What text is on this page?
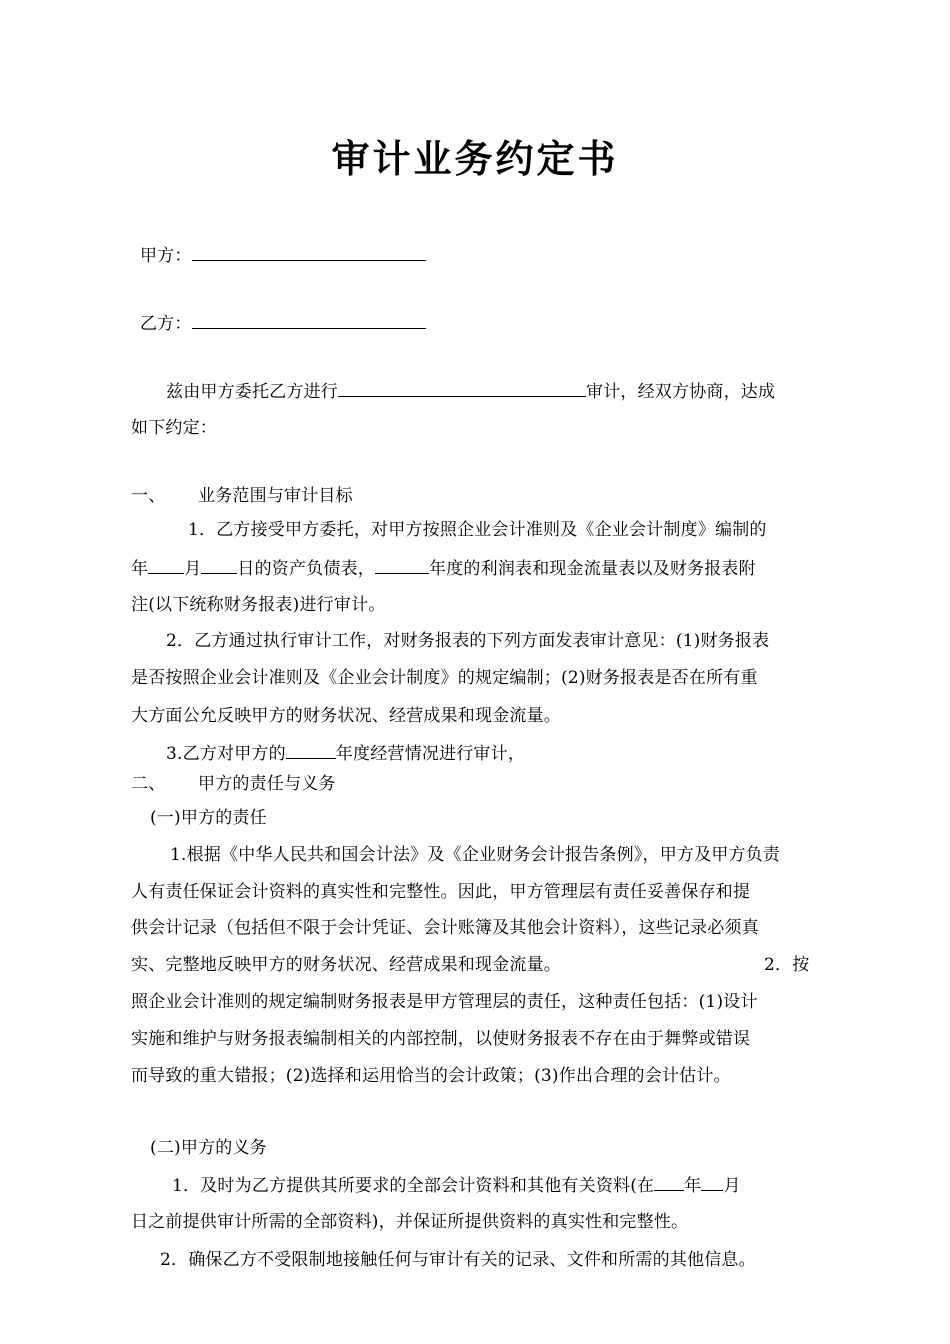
审计业务约定书
甲方：
乙方：
兹由甲方委托乙方进行	审计，经双方协商，达成
如下约定：
一、 业务范围与审计目标
1．乙方接受甲方委托，对甲方按照企业会计准则及《企业会计制度》编制的
年 月 日的资产负债表，	年度的利润表和现金流量表以及财务报表附
注(以下统称财务报表)进行审计。
2．乙方通过执行审计工作，对财务报表的下列方面发表审计意见：(1)财务报表
是否按照企业会计准则及《企业会计制度》的规定编制；(2)财务报表是否在所有重
大方面公允反映甲方的财务状况、经营成果和现金流量。
3.乙方对甲方的	年度经营情况进行审计，
二、 甲方的责任与义务
(一)甲方的责任
1.根据《中华人民共和国会计法》及《企业财务会计报告条例》，甲方及甲方负责
人有责任保证会计资料的真实性和完整性。因此，甲方管理层有责任妥善保存和提
供会计记录（包括但不限于会计凭证、会计账簿及其他会计资料），这些记录必须真
实、完整地反映甲方的财务状况、经营成果和现金流量。	2．按
照企业会计准则的规定编制财务报表是甲方管理层的责任，这种责任包括：(1)设计
实施和维护与财务报表编制相关的内部控制，以使财务报表不存在由于舞弊或错误
而导致的重大错报；(2)选择和运用恰当的会计政策；(3)作出合理的会计估计。
(二)甲方的义务
1．及时为乙方提供其所要求的全部会计资料和其他有关资料(在 年 月
日之前提供审计所需的全部资料)，并保证所提供资料的真实性和完整性。
2．确保乙方不受限制地接触任何与审计有关的记录、文件和所需的其他信息。
